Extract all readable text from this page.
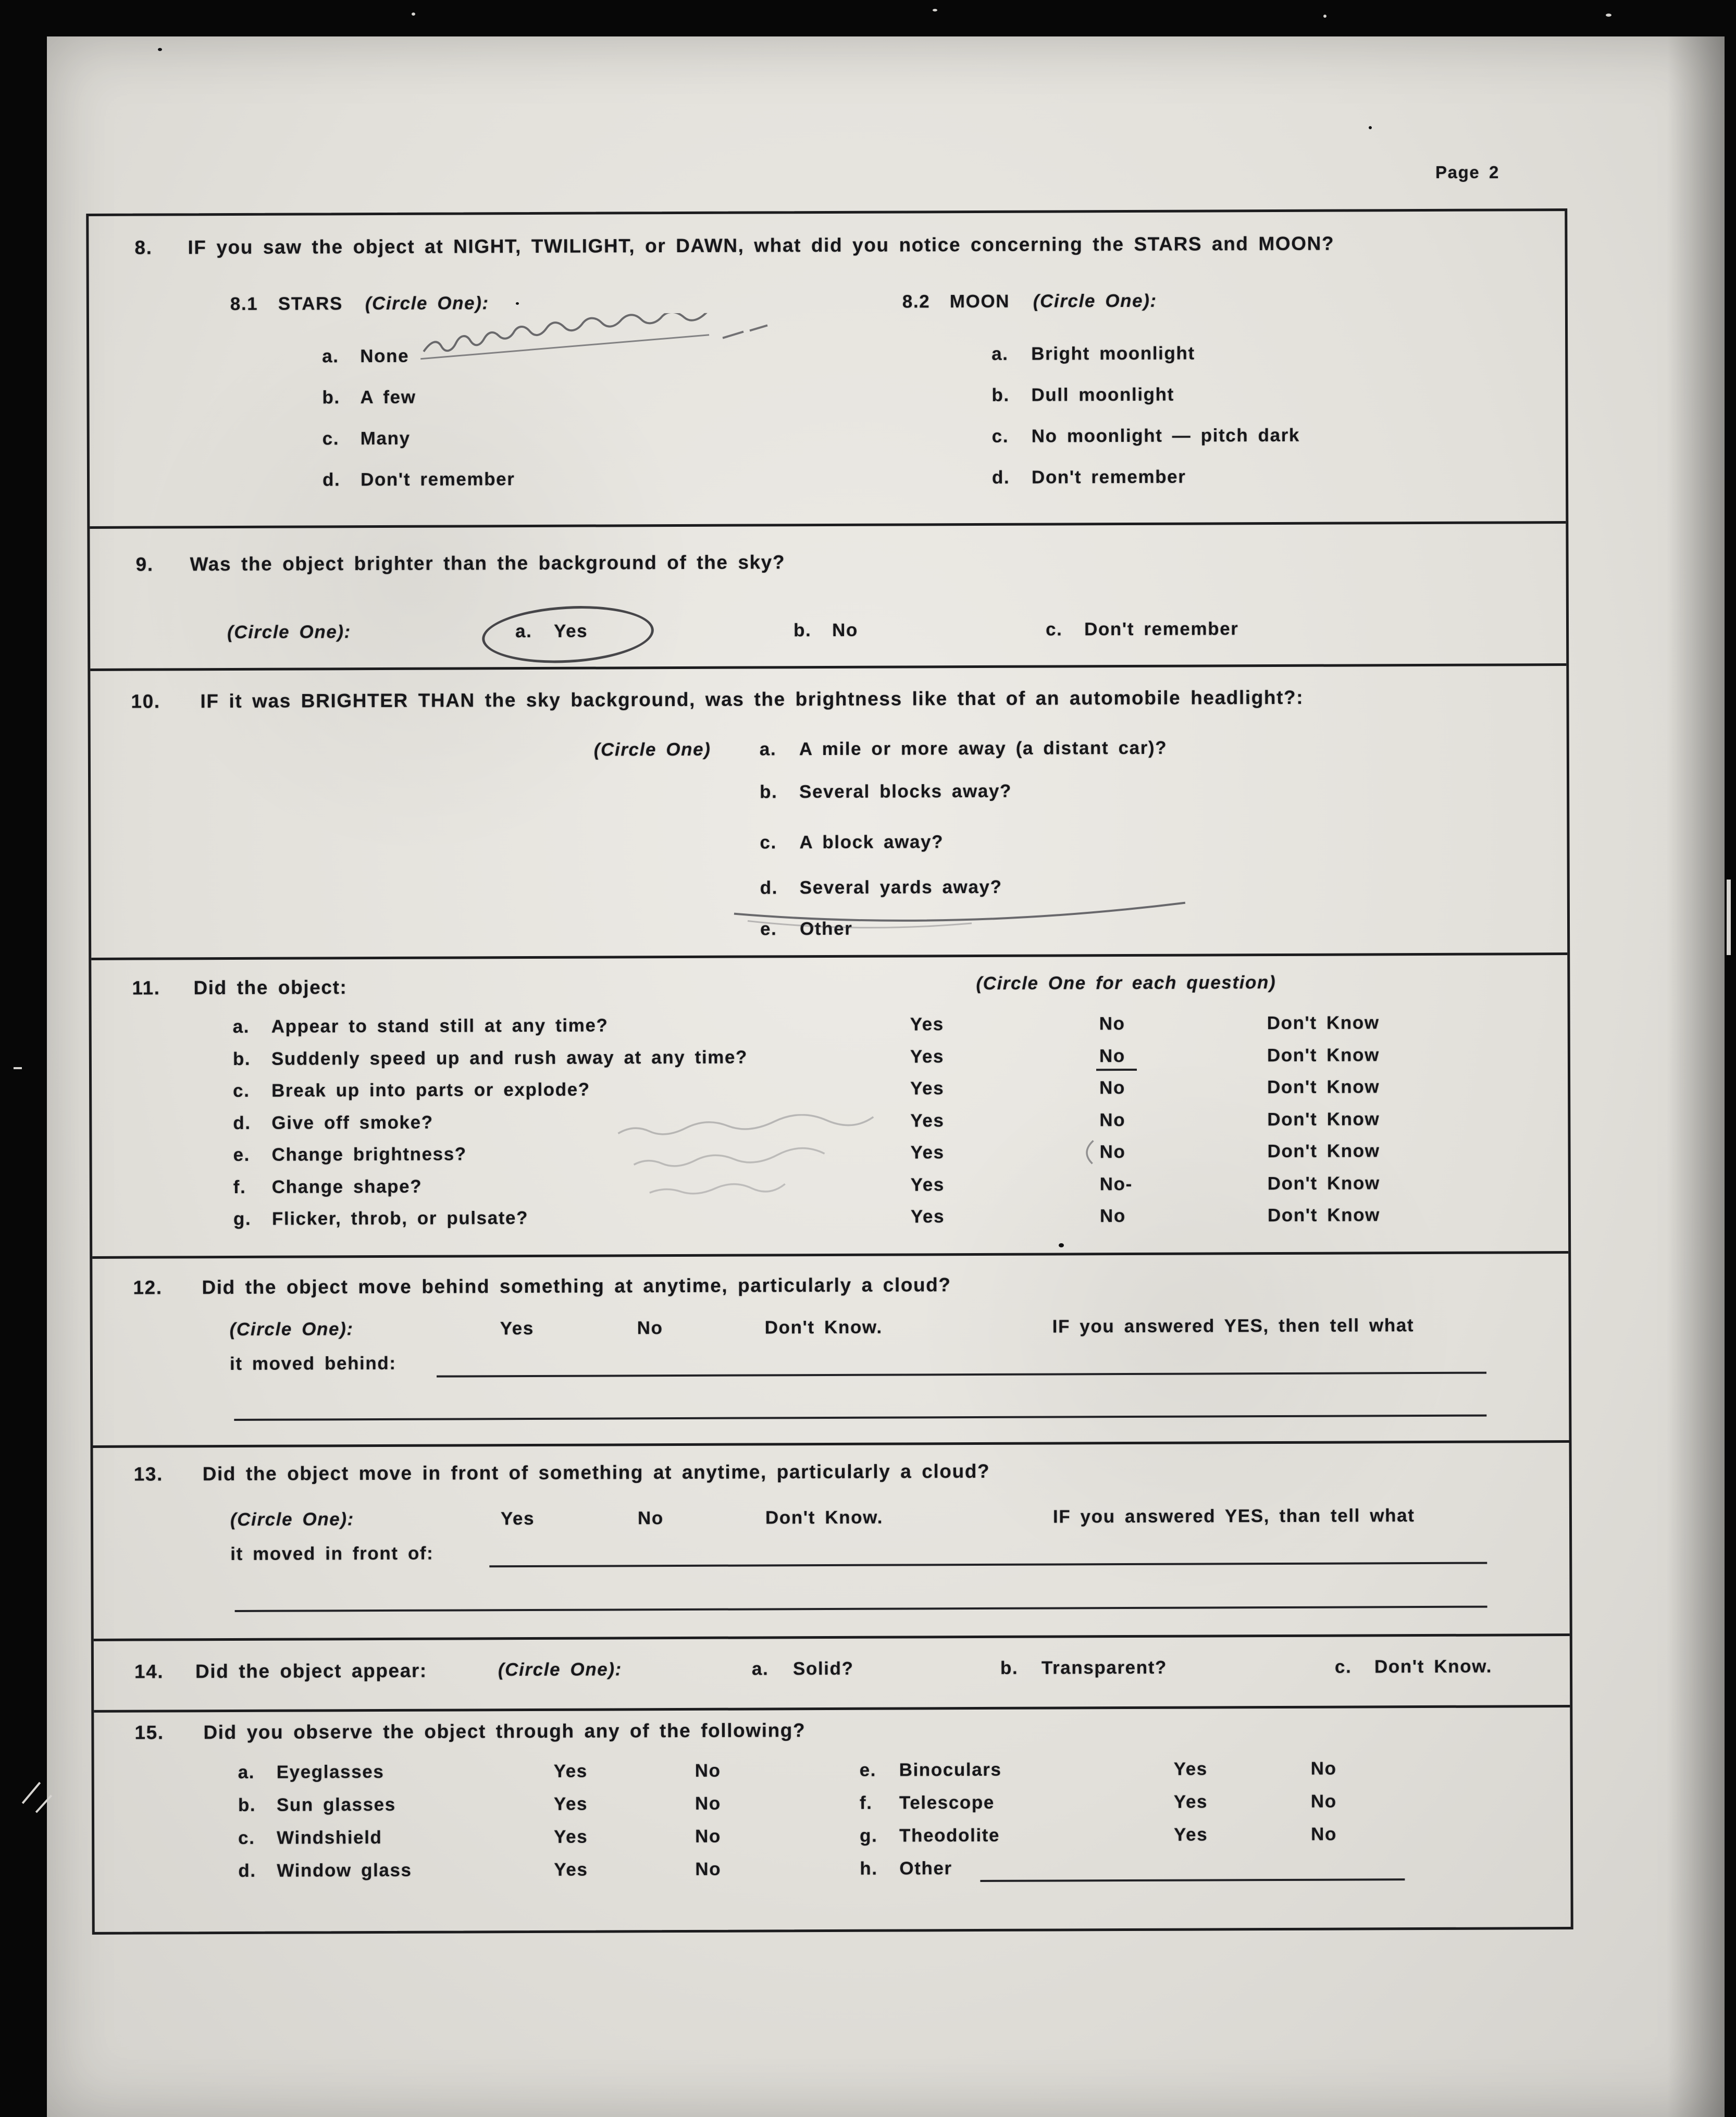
Page 2
8. IF you saw the object at NIGHT, TWILIGHT, or DAWN, what did you notice concerning the STARS and MOON?
8.1 STARS (Circle One):	8.2 MOON (Circle One):
a. None
b. A few
c. Many
d. Don't remember
a. Bright moonlight
b. Dull moonlight
c. No moonlight — pitch dark
d. Don't remember
9. Was the object brighter than the background of the sky?
(Circle One):	a. Yes	b. No	c. Don't remember
10. IF it was BRIGHTER THAN the sky background, was the brightness like that of an automobile headlight?:
(Circle One)	a. A mile or more away (a distant car)?
b. Several blocks away?
c. A block away?
d. Several yards away?
e. Other
11. Did the object:	(Circle One for each question)
a. Appear to stand still at any time?	Yes	No	Don't Know
b. Suddenly speed up and rush away at any time?	Yes	No	Don't Know
c. Break up into parts or explode?	Yes	No	Don't Know
d. Give off smoke?	Yes	No	Don't Know
e. Change brightness?	Yes	No	Don't Know
f. Change shape?	Yes	No-	Don't Know
g. Flicker, throb, or pulsate?	Yes	No	Don't Know
12. Did the object move behind something at anytime, particularly a cloud?
(Circle One):	Yes	No	Don't Know.	IF you answered YES, then tell what
it moved behind:
13. Did the object move in front of something at anytime, particularly a cloud?
(Circle One):	Yes	No	Don't Know.	IF you answered YES, than tell what
it moved in front of:
14. Did the object appear:	(Circle One):	a. Solid?	b. Transparent?	c. Don't Know.
15. Did you observe the object through any of the following?
a. Eyeglasses	Yes	No	e. Binoculars	Yes	No
b. Sun glasses	Yes	No	f. Telescope	Yes	No
c. Windshield	Yes	No	g. Theodolite	Yes	No
d. Window glass	Yes	No	h. Other
